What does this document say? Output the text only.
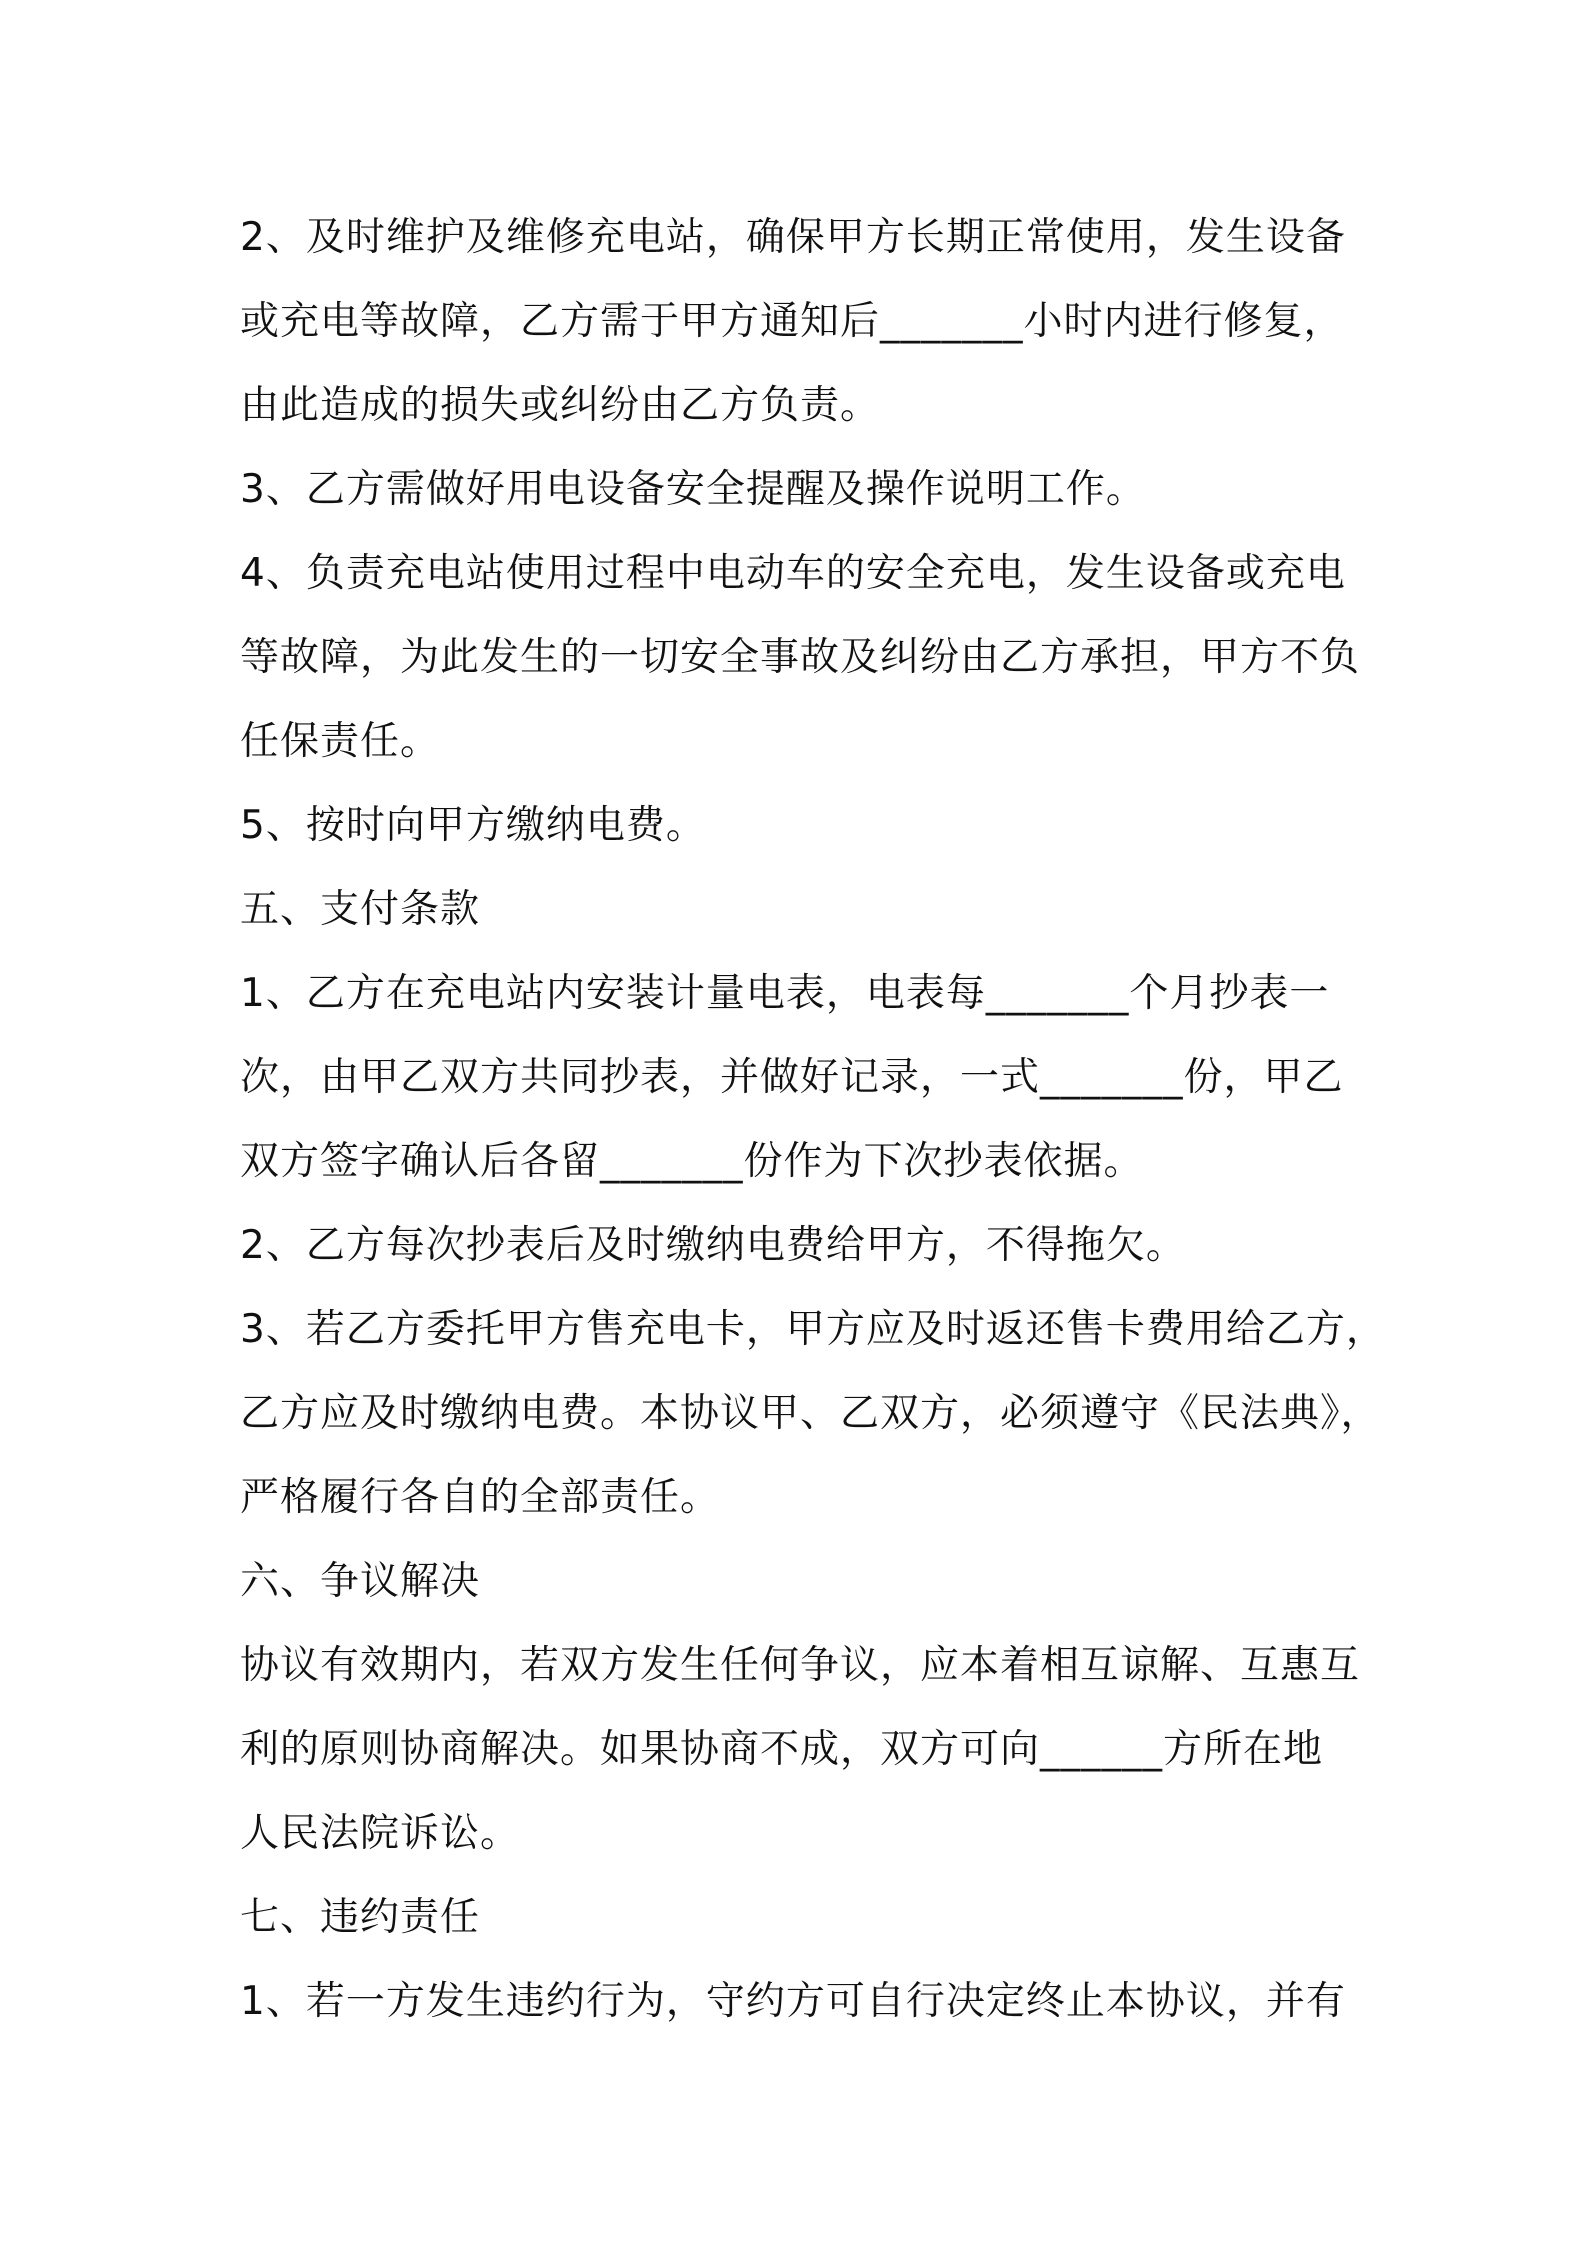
2、及时维护及维修充电站，确保甲方长期正常使用，发生设备
或充电等故障，乙方需于甲方通知后_______小时内进行修复，
由此造成的损失或纠纷由乙方负责。
3、乙方需做好用电设备安全提醒及操作说明工作。
4、负责充电站使用过程中电动车的安全充电，发生设备或充电
等故障，为此发生的一切安全事故及纠纷由乙方承担，甲方不负
任保责任。
5、按时向甲方缴纳电费。
五、支付条款
1、乙方在充电站内安装计量电表，电表每_______个月抄表一
次，由甲乙双方共同抄表，并做好记录，一式_______份，甲乙
双方签字确认后各留_______份作为下次抄表依据。
2、乙方每次抄表后及时缴纳电费给甲方，不得拖欠。
3、若乙方委托甲方售充电卡，甲方应及时返还售卡费用给乙方，
乙方应及时缴纳电费。本协议甲、乙双方，必须遵守《民法典》，
严格履行各自的全部责任。
六、争议解决
协议有效期内，若双方发生任何争议，应本着相互谅解、互惠互
利的原则协商解决。如果协商不成，双方可向______方所在地
人民法院诉讼。
七、违约责任
1、若一方发生违约行为，守约方可自行决定终止本协议，并有
